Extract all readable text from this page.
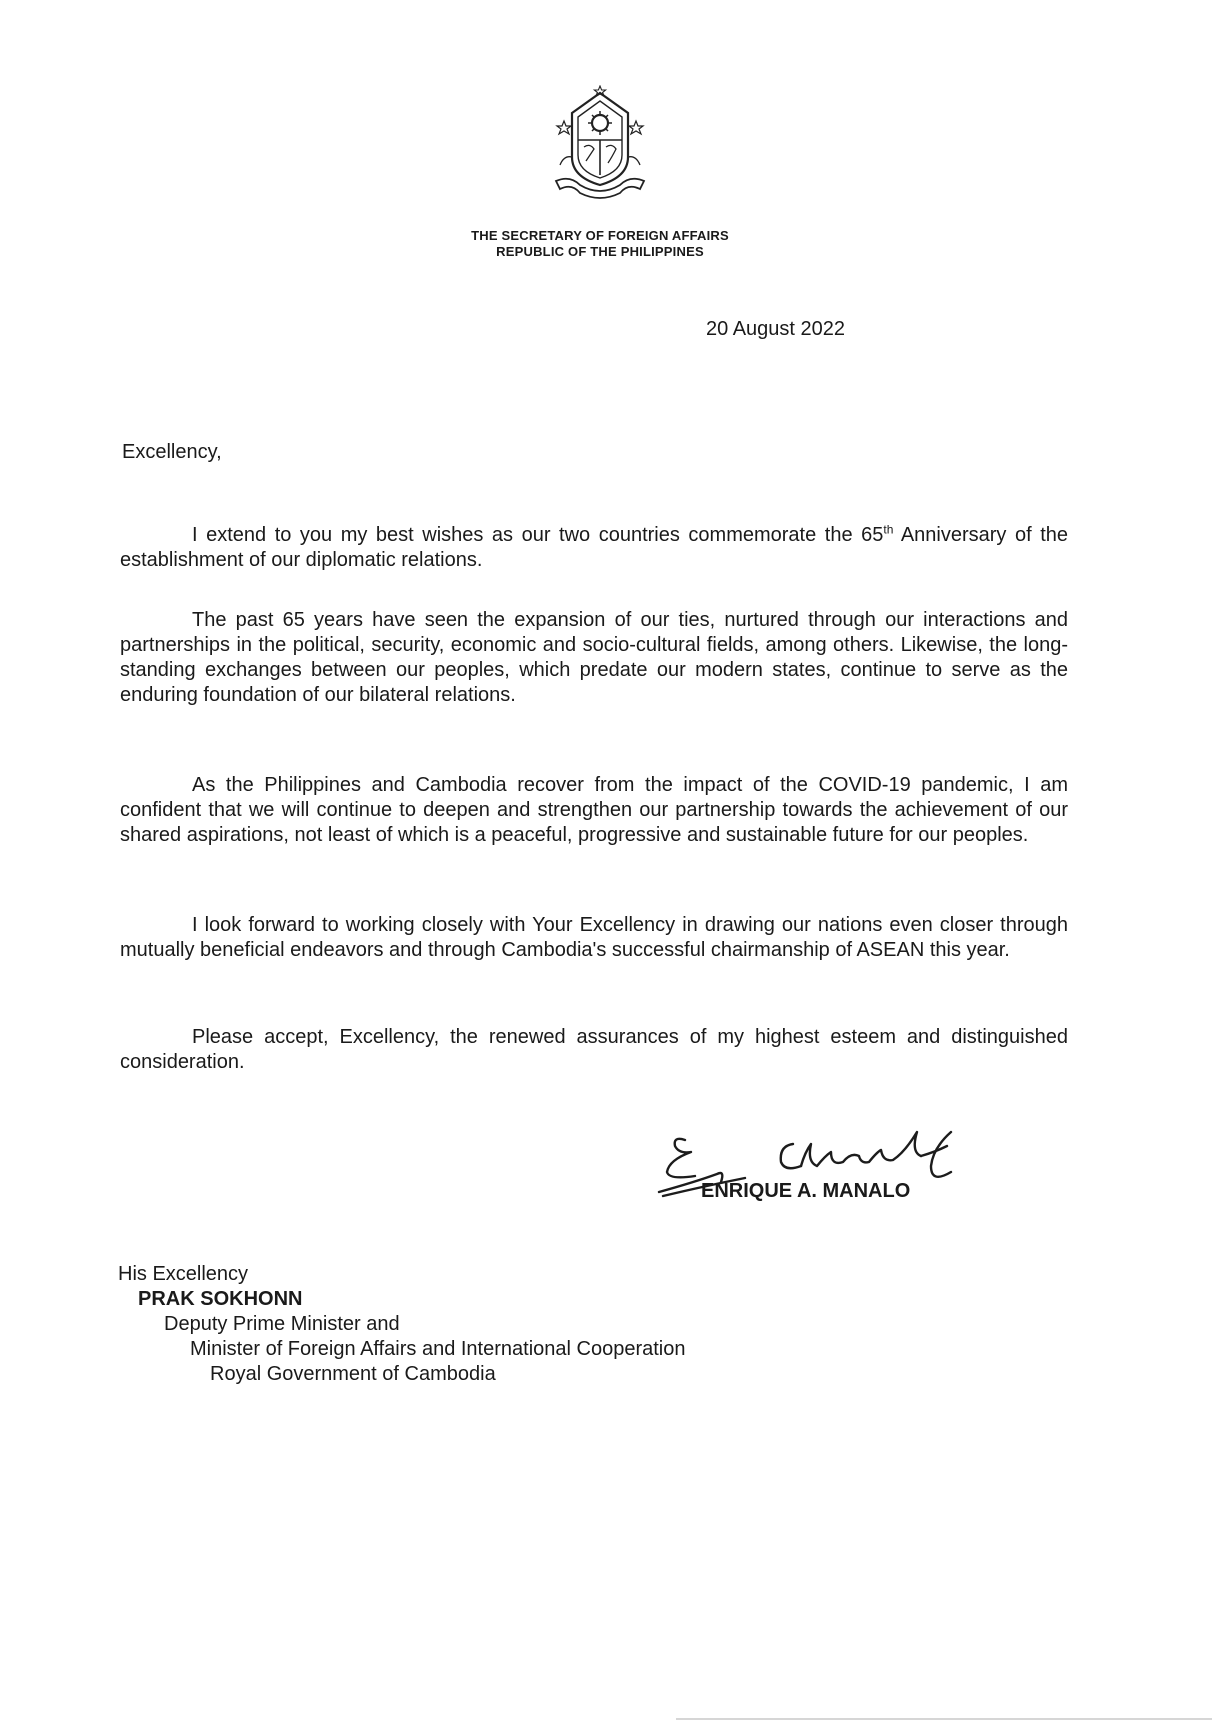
THE SECRETARY OF FOREIGN AFFAIRS
REPUBLIC OF THE PHILIPPINES
20 August 2022
Excellency,

I extend to you my best wishes as our two countries commemorate the 65th Anniversary of the establishment of our diplomatic relations.

The past 65 years have seen the expansion of our ties, nurtured through our interactions and partnerships in the political, security, economic and socio-cultural fields, among others. Likewise, the long-standing exchanges between our peoples, which predate our modern states, continue to serve as the enduring foundation of our bilateral relations.

As the Philippines and Cambodia recover from the impact of the COVID-19 pandemic, I am confident that we will continue to deepen and strengthen our partnership towards the achievement of our shared aspirations, not least of which is a peaceful, progressive and sustainable future for our peoples.

I look forward to working closely with Your Excellency in drawing our nations even closer through mutually beneficial endeavors and through Cambodia's successful chairmanship of ASEAN this year.

Please accept, Excellency, the renewed assurances of my highest esteem and distinguished consideration.

ENRIQUE A. MANALO
His Excellency
PRAK SOKHONN
Deputy Prime Minister and
Minister of Foreign Affairs and International Cooperation
Royal Government of Cambodia
